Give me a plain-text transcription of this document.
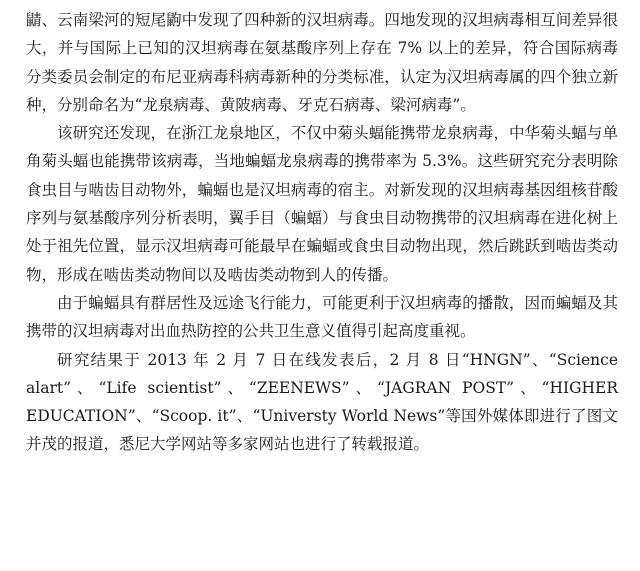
鼱、云南梁河的短尾鼩中发现了四种新的汉坦病毒。四地发现的汉坦病毒相互间差异很大，并与国际上已知的汉坦病毒在氨基酸序列上存在 7% 以上的差异，符合国际病毒分类委员会制定的布尼亚病毒科病毒新种的分类标准，认定为汉坦病毒属的四个独立新种，分别命名为“龙泉病毒、黄陂病毒、牙克石病毒、梁河病毒”。

该研究还发现，在浙江龙泉地区，不仅中菊头蝠能携带龙泉病毒，中华菊头蝠与单角菊头蝠也能携带该病毒，当地蝙蝠龙泉病毒的携带率为 5.3%。这些研究充分表明除食虫目与啮齿目动物外，蝙蝠也是汉坦病毒的宿主。对新发现的汉坦病毒基因组核苷酸序列与氨基酸序列分析表明，翼手目（蝙蝠）与食虫目动物携带的汉坦病毒在进化树上处于祖先位置，显示汉坦病毒可能最早在蝙蝠或食虫目动物出现，然后跳跃到啮齿类动物，形成在啮齿类动物间以及啮齿类动物到人的传播。

由于蝙蝠具有群居性及远途飞行能力，可能更利于汉坦病毒的播散，因而蝙蝠及其携带的汉坦病毒对出血热防控的公共卫生意义值得引起高度重视。

研究结果于 2013 年 2 月 7 日在线发表后，2 月 8 日“HNGN”、“Science alart”、“Life scientist”、“ZEENEWS”、“JAGRAN POST”、“HIGHER EDUCATION”、“Scoop. it”、“Universty World News”等国外媒体即进行了图文并茂的报道，悉尼大学网站等多家网站也进行了转载报道。
